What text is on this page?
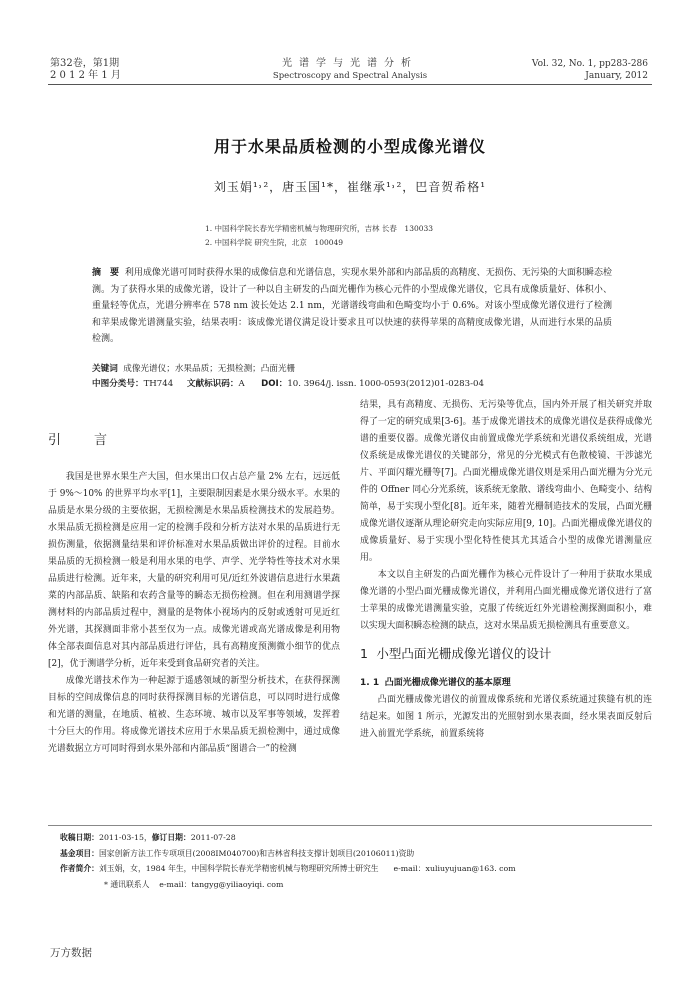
第32卷，第1期
2 0 1 2 年 1 月
光谱学与光谱分析
Spectroscopy and Spectral Analysis
Vol. 32, No. 1, pp283-286
January, 2012
用于水果品质检测的小型成像光谱仪
刘玉娟¹˒²，唐玉国¹*，崔继承¹˒²，巴音贺希格¹
1. 中国科学院长春光学精密机械与物理研究所，吉林 长春　130033
2. 中国科学院 研究生院，北京　100049
摘　要 利用成像光谱可同时获得水果的成像信息和光谱信息，实现水果外部和内部品质的高精度、无损伤、无污染的大面积瞬态检测。为了获得水果的成像光谱，设计了一种以自主研发的凸面光栅作为核心元件的小型成像光谱仪，它具有成像质量好、体积小、重量轻等优点，光谱分辨率在 578 nm 波长处达 2.1 nm，光谱谱线弯曲和色畸变均小于 0.6%。对该小型成像光谱仪进行了检测和苹果成像光谱测量实验，结果表明：该成像光谱仪满足设计要求且可以快速的获得苹果的高精度成像光谱，从而进行水果的品质检测。
关键词 成像光谱仪；水果品质；无损检测；凸面光栅
中图分类号：TH744 文献标识码：A DOI：10. 3964/j. issn. 1000-0593(2012)01-0283-04
引　言

我国是世界水果生产大国，但水果出口仅占总产量 2% 左右，远远低于 9%～10% 的世界平均水平[1]，主要限制因素是水果分级水平。水果的品质是水果分级的主要依据，无损检测是水果品质检测技术的发展趋势。水果品质无损检测是应用一定的检测手段和分析方法对水果的品质进行无损伤测量，依据测量结果和评价标准对水果品质做出评价的过程。目前水果品质的无损检测一般是利用水果的电学、声学、光学特性等技术对水果品质进行检测。近年来，大量的研究利用可见/近红外波谱信息进行水果蔬菜的内部品质、缺陷和农药含量等的瞬态无损伤检测。但在利用测谱学探测材料的内部品质过程中，测量的是物体小视场内的反射或透射可见近红外光谱，其探测面非常小甚至仅为一点。成像光谱或高光谱成像是利用物体全部表面信息对其内部品质进行评估，具有高精度预测微小细节的优点[2]，优于测谱学分析，近年来受到食品研究者的关注。

成像光谱技术作为一种起源于遥感领域的新型分析技术，在获得探测目标的空间成像信息的同时获得探测目标的光谱信息，可以同时进行成像和光谱的测量，在地质、植被、生态环境、城市以及军事等领域，发挥着十分巨大的作用。将成像光谱技术应用于水果品质无损检测中，通过成像光谱数据立方可同时得到水果外部和内部品质“图谱合一”的检测

结果，具有高精度、无损伤、无污染等优点，国内外开展了相关研究并取得了一定的研究成果[3-6]。基于成像光谱技术的成像光谱仪是获得成像光谱的重要仪器。成像光谱仪由前置成像光学系统和光谱仪系统组成，光谱仪系统是成像光谱仪的关键部分，常见的分光模式有色散棱镜、干涉滤光片、平面闪耀光栅等[7]。凸面光栅成像光谱仪则是采用凸面光栅为分光元件的 Offner 同心分光系统，该系统无象散、谱线弯曲小、色畸变小、结构简单，易于实现小型化[8]。近年来，随着光栅制造技术的发展，凸面光栅成像光谱仪逐渐从理论研究走向实际应用[9, 10]。凸面光栅成像光谱仪的成像质量好、易于实现小型化特性使其尤其适合小型的成像光谱测量应用。

本文以自主研发的凸面光栅作为核心元件设计了一种用于获取水果成像光谱的小型凸面光栅成像光谱仪，并利用凸面光栅成像光谱仪进行了富士苹果的成像光谱测量实验，克服了传统近红外光谱检测探测面积小，难以实现大面积瞬态检测的缺点，这对水果品质无损检测具有重要意义。

1 小型凸面光栅成像光谱仪的设计
1. 1 凸面光栅成像光谱仪的基本原理

凸面光栅成像光谱仪的前置成像系统和光谱仪系统通过狭缝有机的连结起来。如图 1 所示，光源发出的光照射到水果表面，经水果表面反射后进入前置光学系统，前置系统将

收稿日期：2011-03-15，修订日期：2011-07-28
基金项目：国家创新方法工作专项项目(2008IM040700)和吉林省科技支撑计划项目(20106011)资助
作者简介：刘玉娟，女，1984 年生，中国科学院长春光学精密机械与物理研究所博士研究生 e-mail：xuliuyujuan@163. com
* 通讯联系人 e-mail：tangyg@yiliaoyiqi. com
万方数据
